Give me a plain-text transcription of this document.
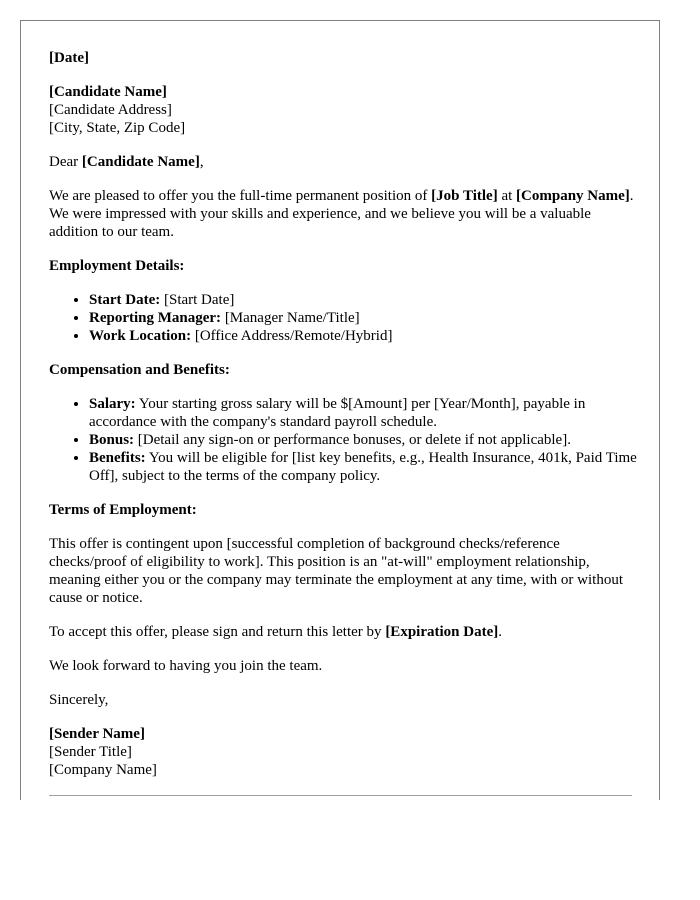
[Date]

[Candidate Name]
[Candidate Address]
[City, State, Zip Code]

Dear [Candidate Name],

We are pleased to offer you the full-time permanent position of [Job Title] at [Company Name]. We were impressed with your skills and experience, and we believe you will be a valuable addition to our team.

Employment Details:

• Start Date: [Start Date]
• Reporting Manager: [Manager Name/Title]
• Work Location: [Office Address/Remote/Hybrid]

Compensation and Benefits:

• Salary: Your starting gross salary will be $[Amount] per [Year/Month], payable in accordance with the company's standard payroll schedule.
• Bonus: [Detail any sign-on or performance bonuses, or delete if not applicable].
• Benefits: You will be eligible for [list key benefits, e.g., Health Insurance, 401k, Paid Time Off], subject to the terms of the company policy.

Terms of Employment:

This offer is contingent upon [successful completion of background checks/reference checks/proof of eligibility to work]. This position is an "at-will" employment relationship, meaning either you or the company may terminate the employment at any time, with or without cause or notice.

To accept this offer, please sign and return this letter by [Expiration Date].

We look forward to having you join the team.

Sincerely,

[Sender Name]
[Sender Title]
[Company Name]
